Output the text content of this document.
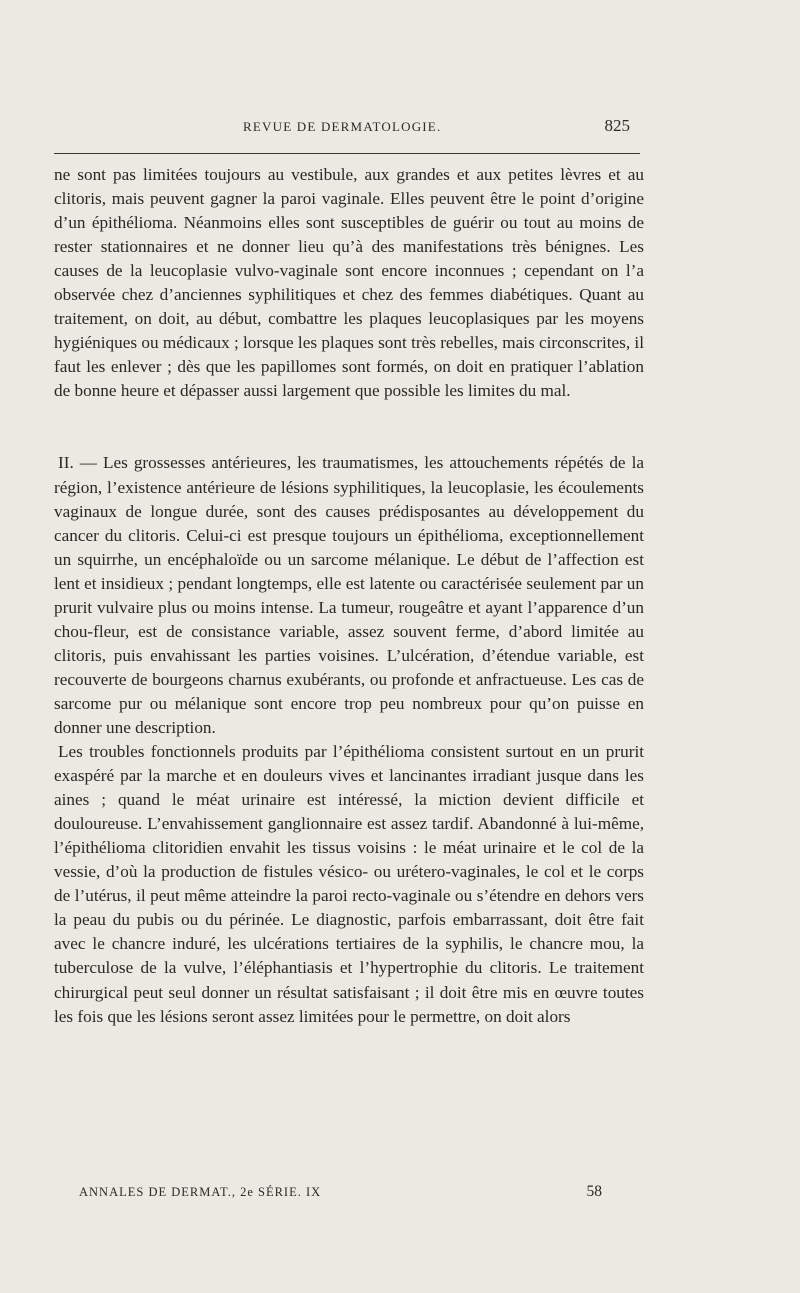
REVUE DE DERMATOLOGIE.	825

ne sont pas limitées toujours au vestibule, aux grandes et aux petites lèvres et au clitoris, mais peuvent gagner la paroi vaginale. Elles peuvent être le point d’origine d’un épithélioma. Néanmoins elles sont susceptibles de guérir ou tout au moins de rester stationnaires et ne donner lieu qu’à des manifestations très bénignes. Les causes de la leucoplasie vulvo-vaginale sont encore inconnues ; cependant on l’a observée chez d’anciennes syphilitiques et chez des femmes diabétiques. Quant au traitement, on doit, au début, combattre les plaques leucoplasiques par les moyens hygiéniques ou médicaux ; lorsque les plaques sont très rebelles, mais circonscrites, il faut les enlever ; dès que les papillomes sont formés, on doit en pratiquer l’ablation de bonne heure et dépasser aussi largement que possible les limites du mal.

II. — Les grossesses antérieures, les traumatismes, les attouchements répétés de la région, l’existence antérieure de lésions syphilitiques, la leucoplasie, les écoulements vaginaux de longue durée, sont des causes prédisposantes au développement du cancer du clitoris. Celui-ci est presque toujours un épithélioma, exceptionnellement un squirrhe, un encéphaloïde ou un sarcome mélanique. Le début de l’affection est lent et insidieux ; pendant longtemps, elle est latente ou caractérisée seulement par un prurit vulvaire plus ou moins intense. La tumeur, rougeâtre et ayant l’apparence d’un chou-fleur, est de consistance variable, assez souvent ferme, d’abord limitée au clitoris, puis envahissant les parties voisines. L’ulcération, d’étendue variable, est recouverte de bourgeons charnus exubérants, ou profonde et anfractueuse. Les cas de sarcome pur ou mélanique sont encore trop peu nombreux pour qu’on puisse en donner une description.

Les troubles fonctionnels produits par l’épithélioma consistent surtout en un prurit exaspéré par la marche et en douleurs vives et lancinantes irradiant jusque dans les aines ; quand le méat urinaire est intéressé, la miction devient difficile et douloureuse. L’envahissement ganglionnaire est assez tardif. Abandonné à lui-même, l’épithélioma clitoridien envahit les tissus voisins : le méat urinaire et le col de la vessie, d’où la production de fistules vésico- ou urétero-vaginales, le col et le corps de l’utérus, il peut même atteindre la paroi recto-vaginale ou s’étendre en dehors vers la peau du pubis ou du périnée. Le diagnostic, parfois embarrassant, doit être fait avec le chancre induré, les ulcérations tertiaires de la syphilis, le chancre mou, la tuberculose de la vulve, l’éléphantiasis et l’hypertrophie du clitoris. Le traitement chirurgical peut seul donner un résultat satisfaisant ; il doit être mis en œuvre toutes les fois que les lésions seront assez limitées pour le permettre, on doit alors

ANNALES DE DERMAT., 2e SÉRIE. IX	58
